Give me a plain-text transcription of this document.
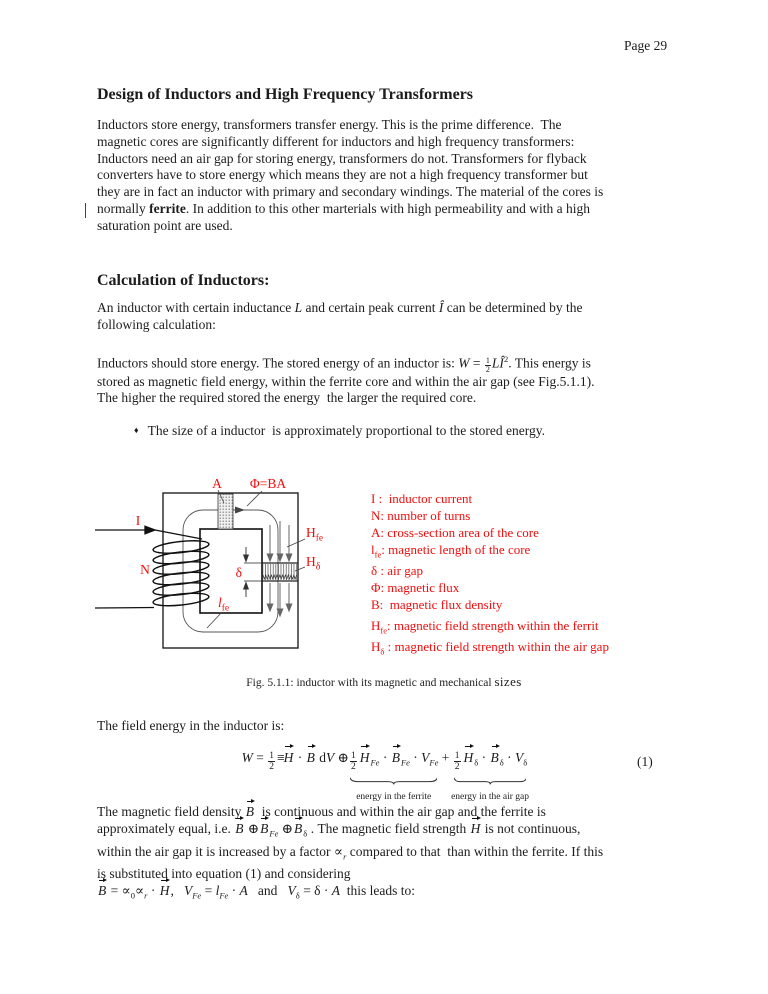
Page 29
Design of Inductors and High Frequency Transformers
Inductors store energy, transformers transfer energy. This is the prime difference.  The
magnetic cores are significantly different for inductors and high frequency transformers:
Inductors need an air gap for storing energy, transformers do not. Transformers for flyback
converters have to store energy which means they are not a high frequency transformer but
they are in fact an inductor with primary and secondary windings. The material of the cores is
normally ferrite. In addition to this other marterials with high permeability and with a high
saturation point are used.
Calculation of Inductors:
An inductor with certain inductance L and certain peak current Î can be determined by the
following calculation:
Inductors should store energy. The stored energy of an inductor is: $W = \frac{1}{2}$ $LÎ^2$. This energy is
stored as magnetic field energy, within the ferrite core and within the air gap (see Fig.5.1.1).
The higher the required stored the energy  the larger the required core.
♦ The size of a inductor  is approximately proportional to the stored energy.
A Φ=BA
I
N
$H_{fe}$
$H_\delta$
δ
$l_{fe}$
I :  inductor current
N: number of turns
A: cross-section area of the core
$l_{fe}$: magnetic length of the core
δ : air gap
Φ: magnetic flux
B:  magnetic flux density
$H_{fe}$: magnetic field strength within the ferrit
$H_\delta$ : magnetic field strength within the air gap
Fig. 5.1.1: inductor with its magnetic and mechanical sizes
The field energy in the inductor is:
$W = \frac{1}{2} \equiv H \cdot B$ dV ⊕ $\frac{1}{2} H_{Fe} \cdot B_{Fe} \cdot V_{Fe}$
energy in the ferrite
+ $\frac{1}{2} H_\delta \cdot B_\delta \cdot V_\delta$
energy in the air gap
(1)
The magnetic field density B  is continuous and within the air gap and the ferrite is
approximately equal, i.e. B $\oplus B_{Fe}$ $\oplus B_\delta$ . The magnetic field strength H is not continuous,
within the air gap it is increased by a factor $\propto_r$ compared to that  than within the ferrite. If this
is substituted into equation (1) and considering
$B = \propto_0\propto_r \cdot H$,   $V_{Fe} = l_{Fe} \cdot A$   and   $V_\delta = \delta \cdot A$  this leads to:
